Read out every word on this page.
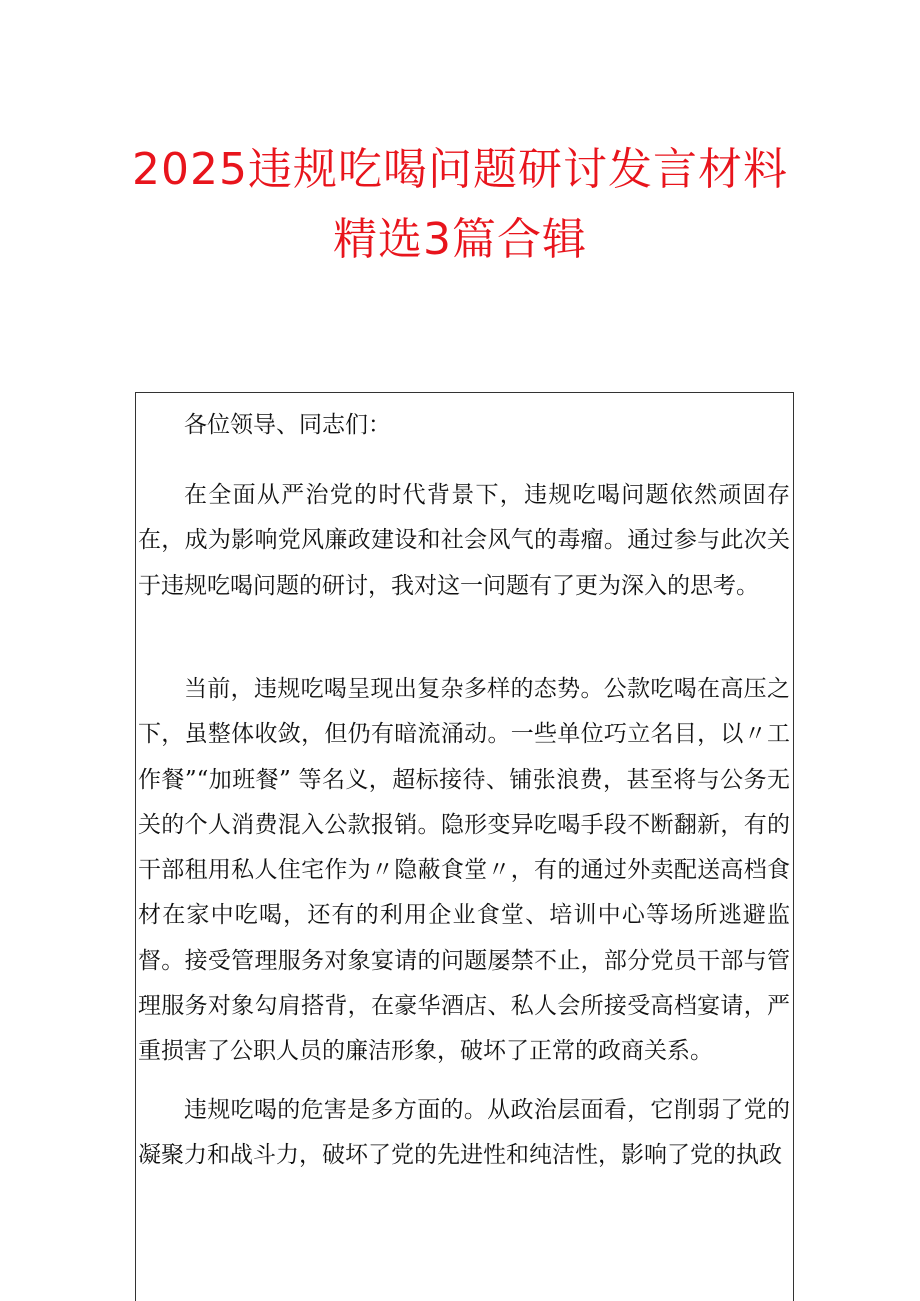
2025违规吃喝问题研讨发言材料
精选3篇合辑

各位领导、同志们：

在全面从严治党的时代背景下，违规吃喝问题依然顽固存在，成为影响党风廉政建设和社会风气的毒瘤。通过参与此次关于违规吃喝问题的研讨，我对这一问题有了更为深入的思考。

当前，违规吃喝呈现出复杂多样的态势。公款吃喝在高压之下，虽整体收敛，但仍有暗流涌动。一些单位巧立名目，以〃工作餐”“加班餐” 等名义，超标接待、铺张浪费，甚至将与公务无关的个人消费混入公款报销。隐形变异吃喝手段不断翻新，有的干部租用私人住宅作为〃隐蔽食堂〃，有的通过外卖配送高档食材在家中吃喝，还有的利用企业食堂、培训中心等场所逃避监督。接受管理服务对象宴请的问题屡禁不止，部分党员干部与管理服务对象勾肩搭背，在豪华酒店、私人会所接受高档宴请，严重损害了公职人员的廉洁形象，破坏了正常的政商关系。

违规吃喝的危害是多方面的。从政治层面看，它削弱了党的凝聚力和战斗力，破坏了党的先进性和纯洁性，影响了党的执政
